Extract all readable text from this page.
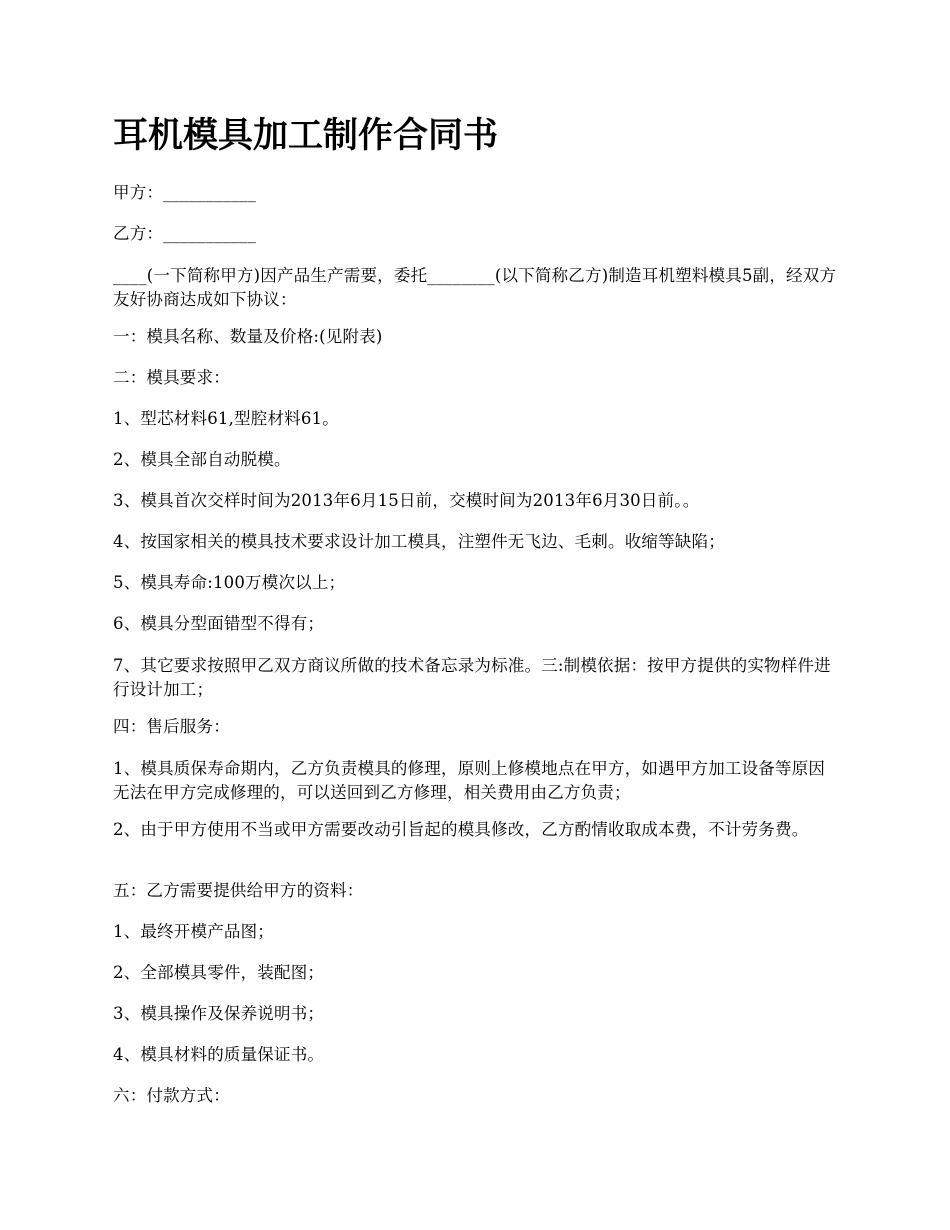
耳机模具加工制作合同书

甲方：___________

乙方：___________

____(一下简称甲方)因产品生产需要，委托________(以下简称乙方)制造耳机塑料模具5副，经双方友好协商达成如下协议：

一：模具名称、数量及价格:(见附表)

二：模具要求：

1、型芯材料61,型腔材料61。

2、模具全部自动脱模。

3、模具首次交样时间为2013年6月15日前，交模时间为2013年6月30日前。。

4、按国家相关的模具技术要求设计加工模具，注塑件无飞边、毛刺。收缩等缺陷；

5、模具寿命:100万模次以上；

6、模具分型面错型不得有；

7、其它要求按照甲乙双方商议所做的技术备忘录为标准。三:制模依据：按甲方提供的实物样件进行设计加工；

四：售后服务：

1、模具质保寿命期内，乙方负责模具的修理，原则上修模地点在甲方，如遇甲方加工设备等原因无法在甲方完成修理的，可以送回到乙方修理，相关费用由乙方负责；

2、由于甲方使用不当或甲方需要改动引旨起的模具修改，乙方酌情收取成本费，不计劳务费。

五：乙方需要提供给甲方的资料：

1、最终开模产品图；

2、全部模具零件，装配图；

3、模具操作及保养说明书；

4、模具材料的质量保证书。

六：付款方式：
